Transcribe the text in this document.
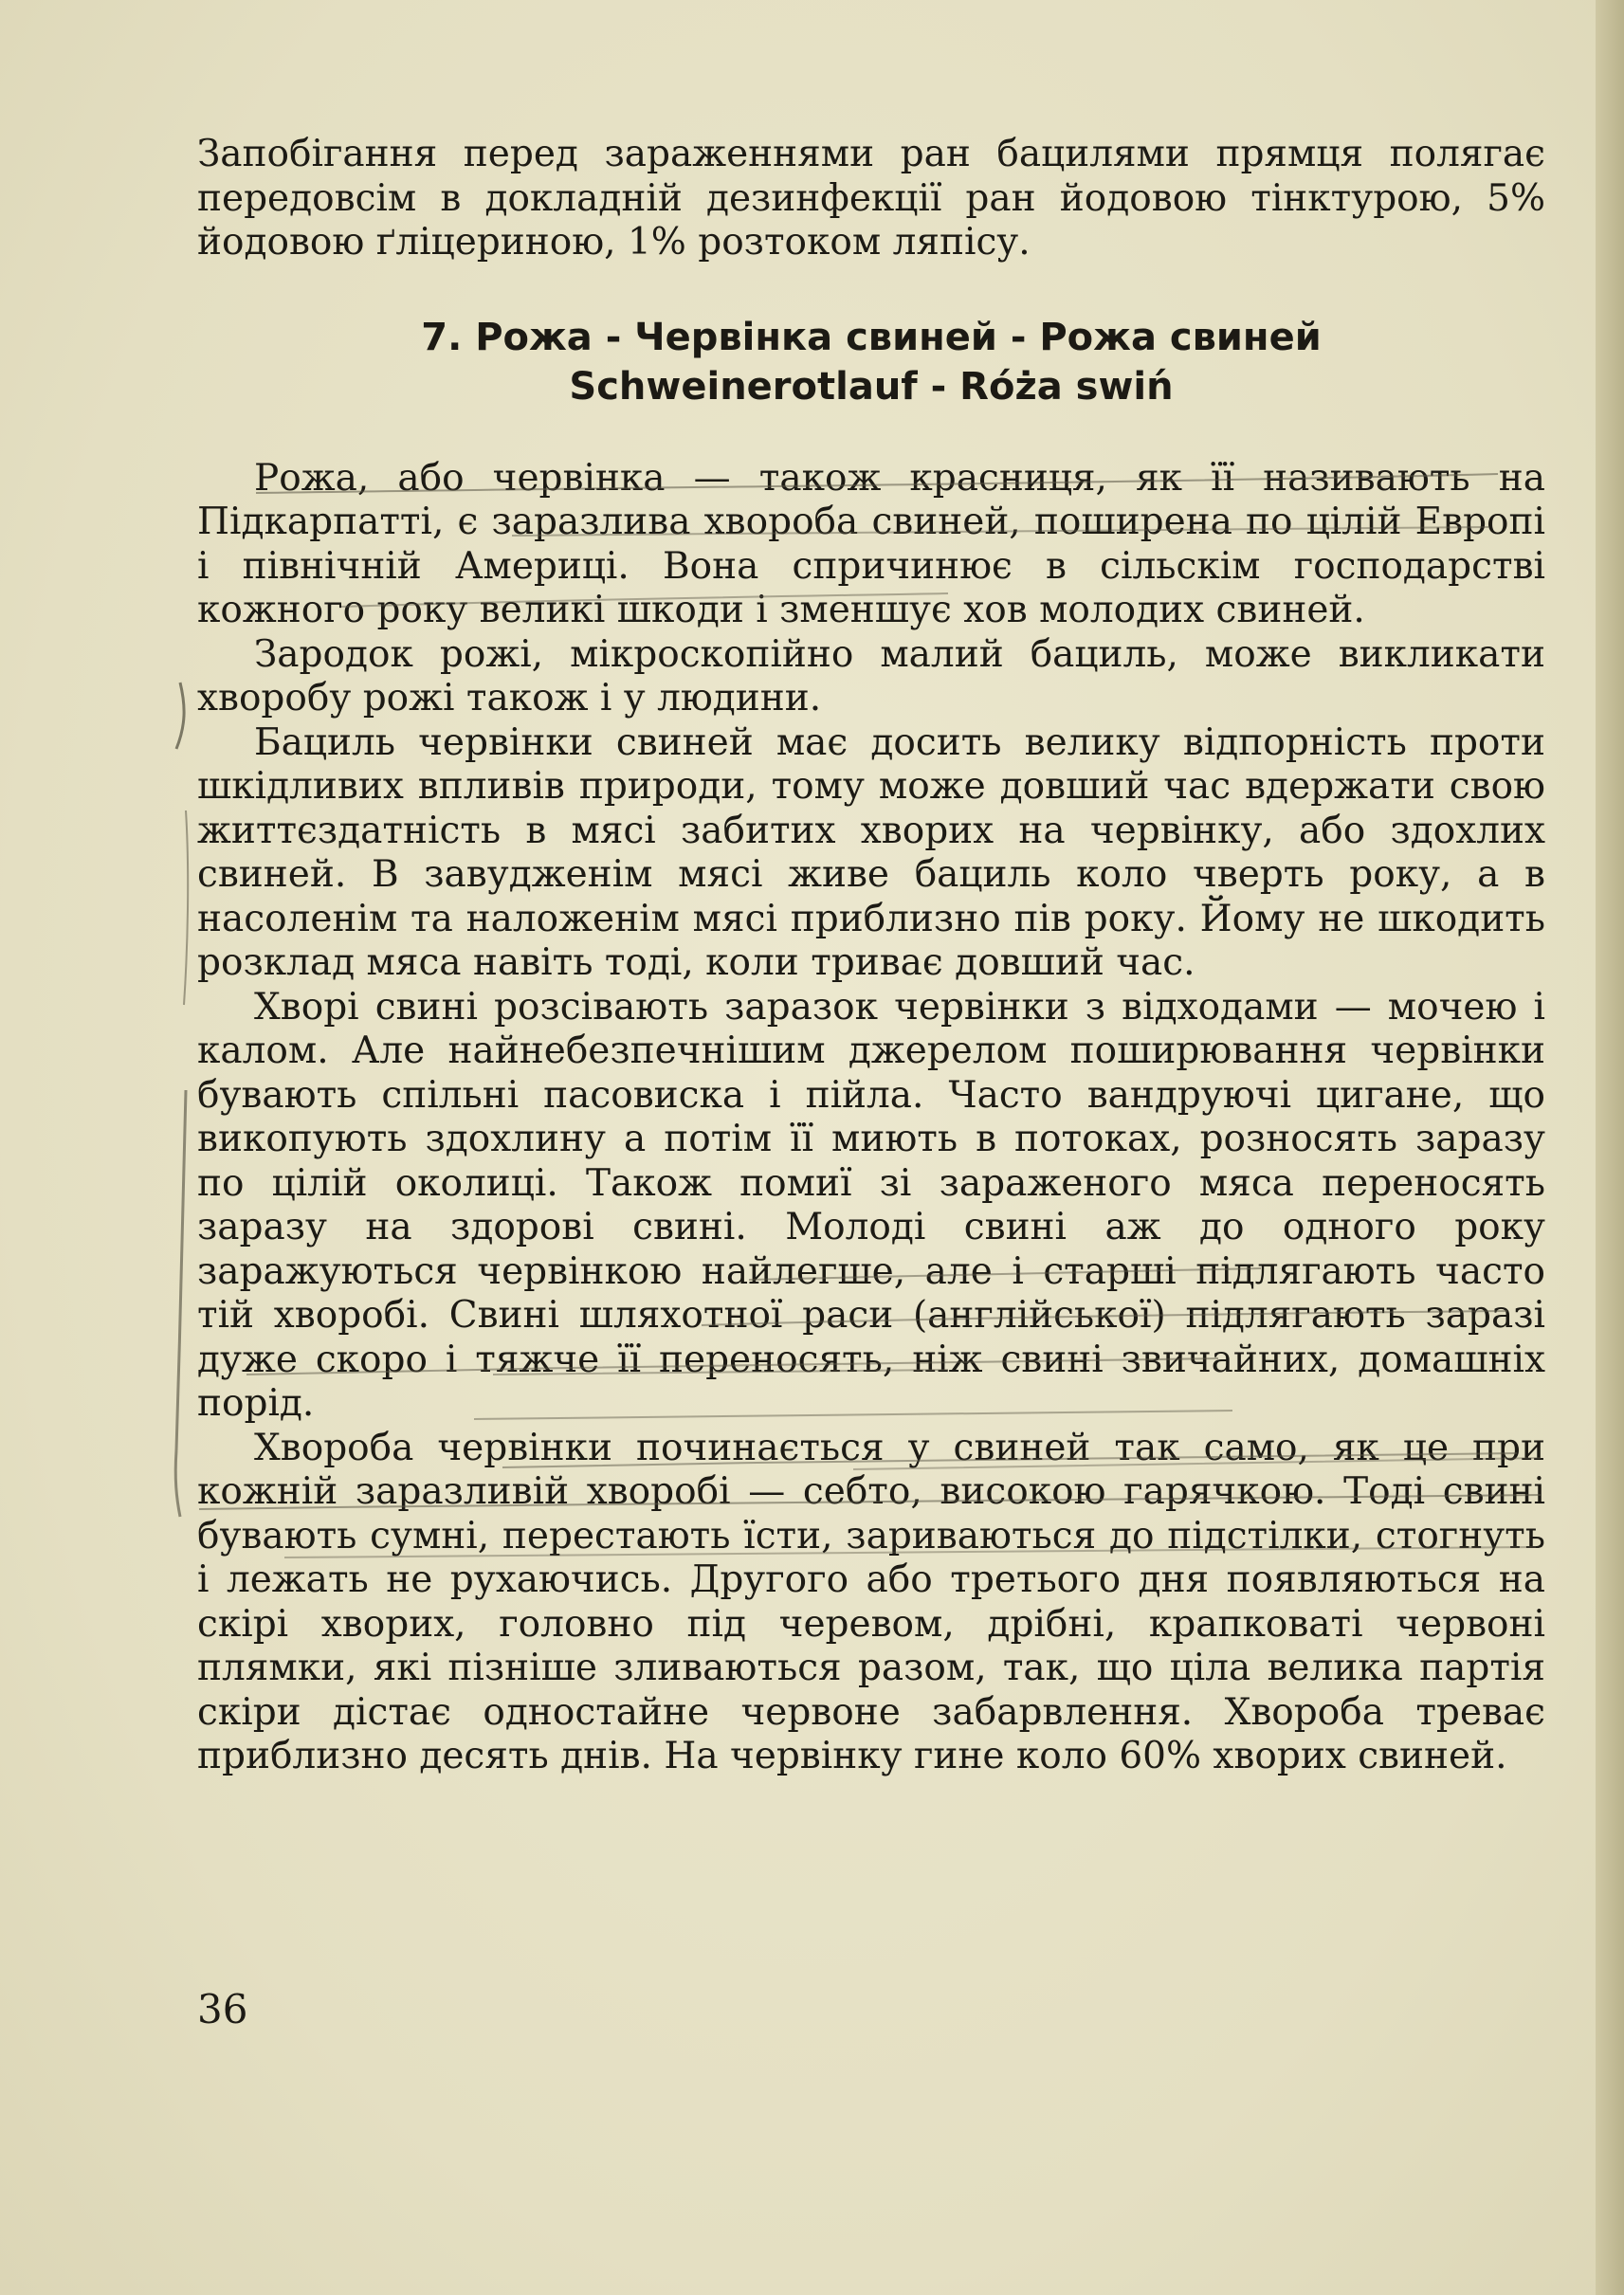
Запобігання перед зараженнями ран бацилями прямця полягає передовсім в докладній дезинфекції ран йодовою тінктурою, 5% йодовою ґліцериною, 1% розтоком ляпісу.

7. Рожа - Червінка свиней - Рожа свиней
Schweinerotlauf - Róża swiń

Рожа, або червінка — також красниця, як її називають на Підкарпатті, є зарaзлива хвороба свиней, поширена по цілій Европі і північній Америці. Вона спричинює в сільскім господарстві кожного року великі шкоди і зменшує хов молодих свиней.

Зародок рожі, мікроскопійно малий бациль, може викликати хворобу рожі також і у людини.

Бациль червінки свиней має досить велику відпорність проти шкідливих впливів природи, тому може довший час вдержати свою життєздатність в мясі забитих хворих на червінку, або здохлих свиней. В завудженім мясі живе бациль коло чверть року, а в насоленім та наложенім мясі приблизно пів року. Йому не шкодить розклад мяса навіть тоді, коли триває довший час.

Хворі свині розсівають заразок червінки з відходами — мочею і калом. Але найнебезпечнішим джерелом поширювання червінки бувають спільні пасовиска і пійла. Часто вандруючі цигане, що викопують здохлину а потім її миють в потоках, розносять заразу по цілій околиці. Також помиї зі зараженого мяса переносять заразу на здорові свині. Молоді свині аж до одного року заражуються червінкою найлегше, але і старші підлягають часто тій хворобі. Свині шляхотної раси (англійської) підлягають заразі дуже скоро і тяжче її переносять, ніж свині звичайних, домашніх порід.

Хвороба червінки починається у свиней так само, як це при кожній заразливій хворобі — себто, високою гарячкою. Тоді свині бувають сумні, перестають їсти, зариваються до підстілки, стогнуть і лежать не рухаючись. Другого або третього дня появляються на скірі хворих, головно під черевом, дрібні, крапковаті червоні плямки, які пізніше зливаються разом, так, що ціла велика партія скіри дістає одностайне червоне забарвлення. Хвороба треває приблизно десять днів. На червінку гине коло 60% хворих свиней.

36
